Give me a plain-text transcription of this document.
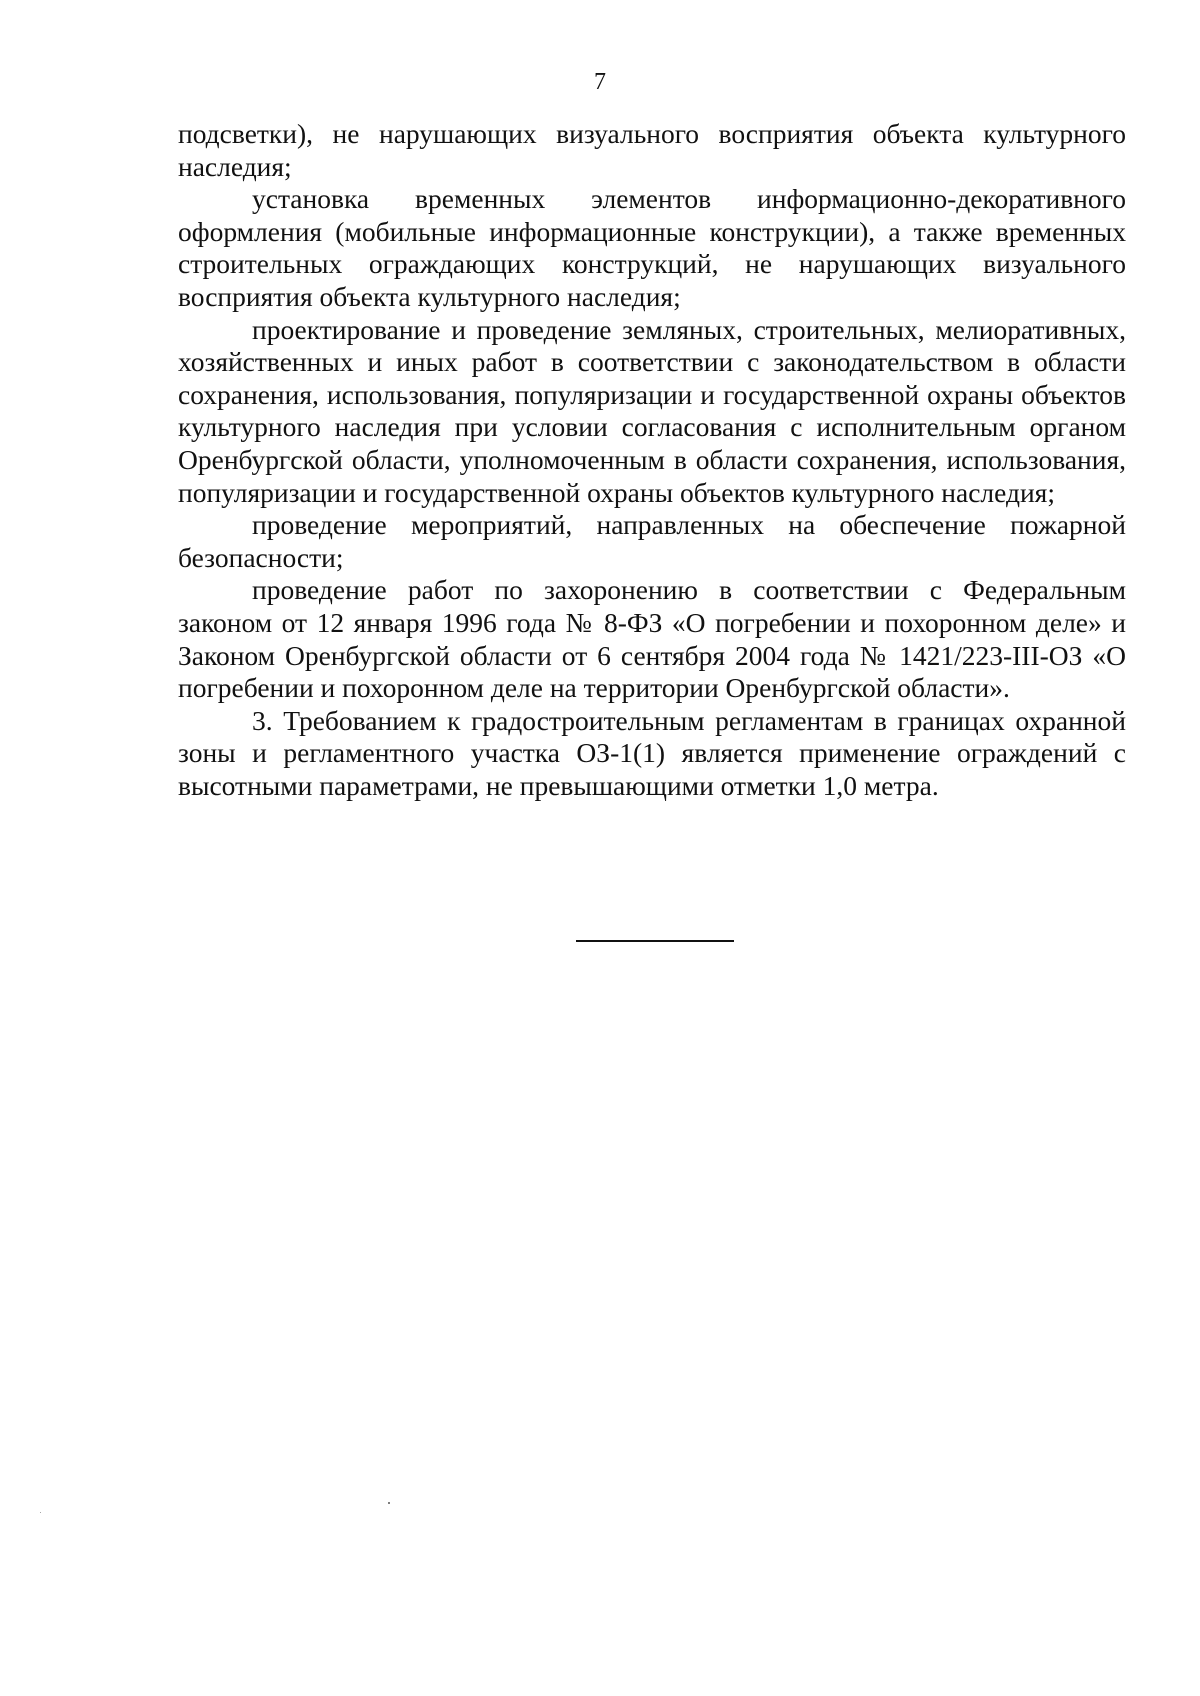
7

подсветки), не нарушающих визуального восприятия объекта культурного наследия;

установка временных элементов информационно-декоративного оформления (мобильные информационные конструкции), а также временных строительных ограждающих конструкций, не нарушающих визуального восприятия объекта культурного наследия;

проектирование и проведение земляных, строительных, мелиоративных, хозяйственных и иных работ в соответствии с законодательством в области сохранения, использования, популяризации и государственной охраны объектов культурного наследия при условии согласования с исполнительным органом Оренбургской области, уполномоченным в области сохранения, использования, популяризации и государственной охраны объектов культурного наследия;

проведение мероприятий, направленных на обеспечение пожарной безопасности;

проведение работ по захоронению в соответствии с Федеральным законом от 12 января 1996 года № 8-ФЗ «О погребении и похоронном деле» и Законом Оренбургской области от 6 сентября 2004 года № 1421/223-III-ОЗ «О погребении и похоронном деле на территории Оренбургской области».

3. Требованием к градостроительным регламентам в границах охранной зоны и регламентного участка ОЗ-1(1) является применение ограждений с высотными параметрами, не превышающими отметки 1,0 метра.
